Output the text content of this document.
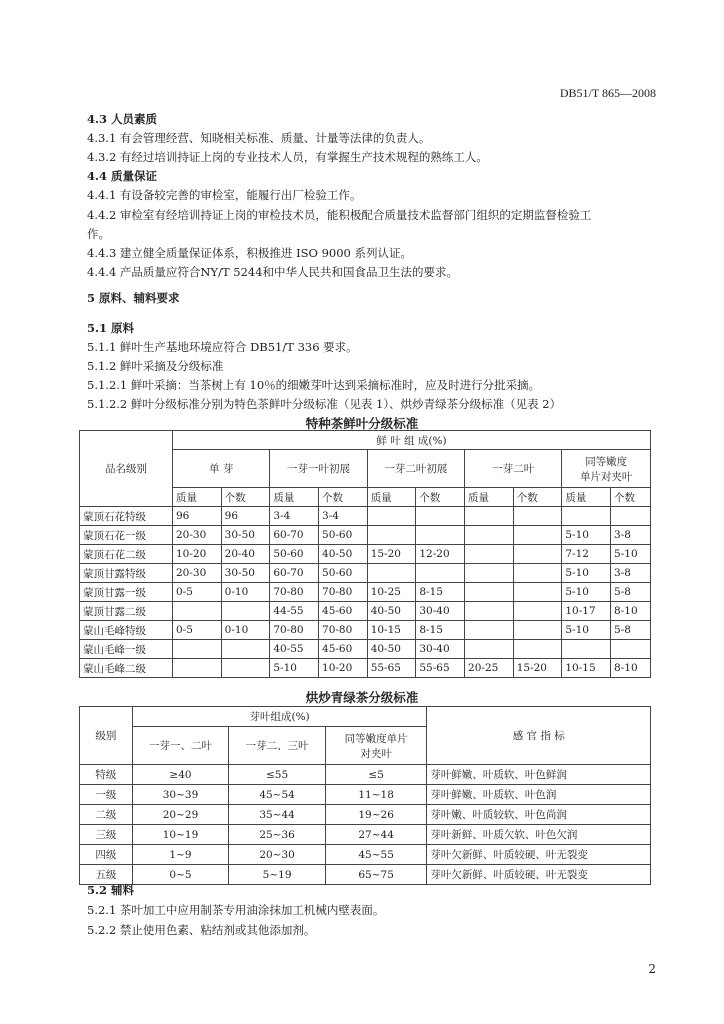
DB51/T 865—2008
4.3 人员素质
4.3.1 有会管理经营、知晓相关标准、质量、计量等法律的负责人。
4.3.2 有经过培训持证上岗的专业技术人员，有掌握生产技术规程的熟练工人。
4.4 质量保证
4.4.1 有设备较完善的审检室，能履行出厂检验工作。
4.4.2 审检室有经培训持证上岗的审检技术员，能积极配合质量技术监督部门组织的定期监督检验工
作。
4.4.3 建立健全质量保证体系，积极推进 ISO 9000 系列认证。
4.4.4 产品质量应符合NY/T 5244和中华人民共和国食品卫生法的要求。
5 原料、辅料要求
5.1 原料
5.1.1 鲜叶生产基地环境应符合 DB51/T 336 要求。
5.1.2 鲜叶采摘及分级标准
5.1.2.1 鲜叶采摘：当茶树上有 10％的细嫩芽叶达到采摘标准时，应及时进行分批采摘。
5.1.2.2 鲜叶分级标准分别为特色茶鲜叶分级标准（见表 1）、烘炒青绿茶分级标准（见表 2）
特种茶鲜叶分级标准
品名级别	鲜 叶 组 成(%)									
	单 芽		一芽一叶初展		一芽二叶初展		一芽二叶		同等嫩度
单片对夹叶	

	质量	个数	质量	个数	质量	个数	质量	个数	质量	个数
蒙顶石花特级	96	96	3-4	3-4						
蒙顶石花一级	20-30	30-50	60-70	50-60					5-10	3-8
蒙顶石花二级	10-20	20-40	50-60	40-50	15-20	12-20			7-12	5-10
蒙顶甘露特级	20-30	30-50	60-70	50-60					5-10	3-8
蒙顶甘露一级	0-5	0-10	70-80	70-80	10-25	8-15			5-10	5-8
蒙顶甘露二级			44-55	45-60	40-50	30-40			10-17	8-10
蒙山毛峰特级	0-5	0-10	70-80	70-80	10-15	8-15			5-10	5-8
蒙山毛峰一级			40-55	45-60	40-50	30-40				
蒙山毛峰二级			5-10	10-20	55-65	55-65	20-25	15-20	10-15	8-10
烘炒青绿茶分级标准
级别	芽叶组成(%)			感 官 指 标
	一芽一、二叶	一芽二、三叶	同等嫩度单片
对夹叶	

特级	≥40	≤55	≤5	芽叶鲜嫩、叶质软、叶色鲜润
一级	30~39	45~54	11~18	芽叶鲜嫩、叶质软、叶色润
二级	20~29	35~44	19~26	芽叶嫩、叶质较软、叶色尚润
三级	10~19	25~36	27~44	芽叶新鲜、叶质欠软、叶色欠润
四级	1~9	20~30	45~55	芽叶欠新鲜、叶质较硬、叶无裂变
五级	0~5	5~19	65~75	芽叶欠新鲜、叶质较硬、叶无裂变
5.2 辅料
5.2.1 茶叶加工中应用制茶专用油涂抹加工机械内壁表面。
5.2.2 禁止使用色素、粘结剂或其他添加剂。
2
